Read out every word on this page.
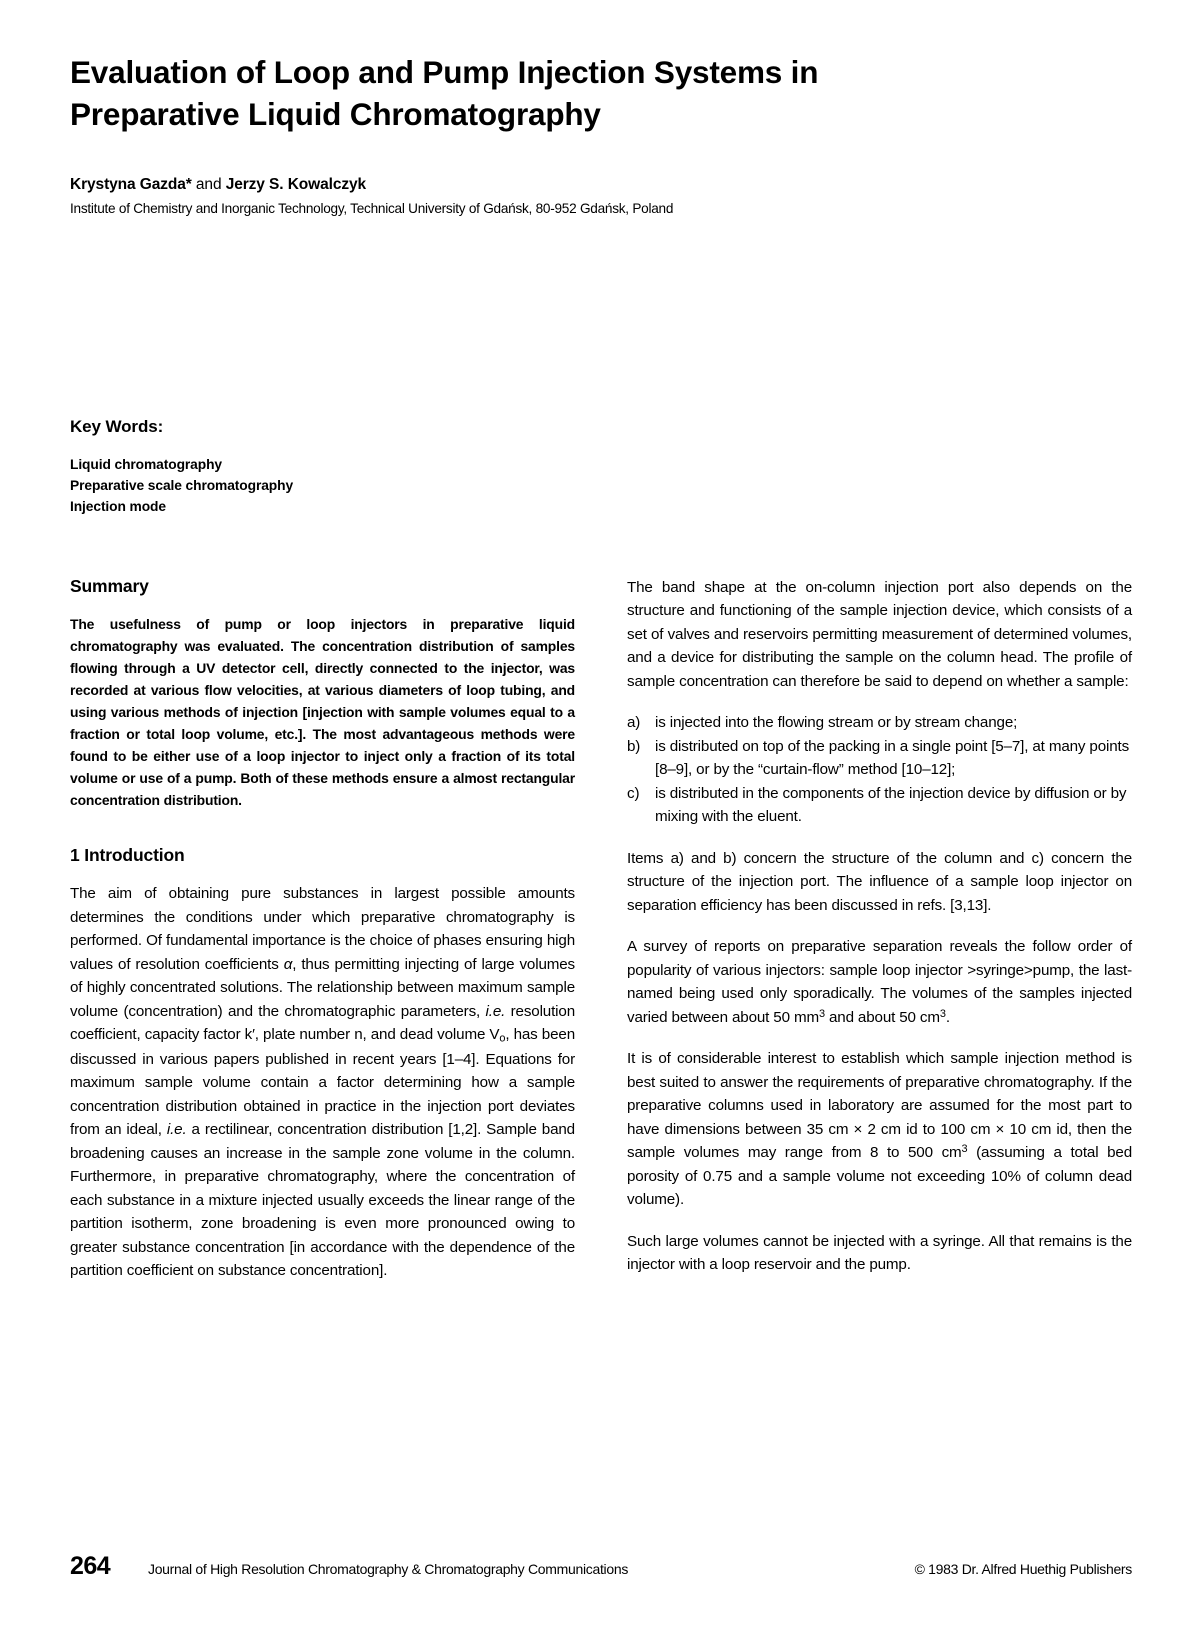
Evaluation of Loop and Pump Injection Systems in
Preparative Liquid Chromatography
Krystyna Gazda* and Jerzy S. Kowalczyk
Institute of Chemistry and Inorganic Technology, Technical University of Gdańsk, 80-952 Gdańsk, Poland
Key Words:
Liquid chromatography
Preparative scale chromatography
Injection mode
Summary

The usefulness of pump or loop injectors in preparative liquid chromatography was evaluated. The concentration distribution of samples flowing through a UV detector cell, directly connected to the injector, was recorded at various flow velocities, at various diameters of loop tubing, and using various methods of injection [injection with sample volumes equal to a fraction or total loop volume, etc.]. The most advantageous methods were found to be either use of a loop injector to inject only a fraction of its total volume or use of a pump. Both of these methods ensure a almost rectangular concentration distribution.

1 Introduction

The aim of obtaining pure substances in largest possible amounts determines the conditions under which preparative chromatography is performed. Of fundamental importance is the choice of phases ensuring high values of resolution coefficients α, thus permitting injecting of large volumes of highly concentrated solutions. The relationship between maximum sample volume (concentration) and the chromatographic parameters, i.e. resolution coefficient, capacity factor k′, plate number n, and dead volume $V_o$, has been discussed in various papers published in recent years [1–4]. Equations for maximum sample volume contain a factor determining how a sample concentration distribution obtained in practice in the injection port deviates from an ideal, i.e. a rectilinear, concentration distribution [1,2]. Sample band broadening causes an increase in the sample zone volume in the column. Furthermore, in preparative chromatography, where the concentration of each substance in a mixture injected usually exceeds the linear range of the partition isotherm, zone broadening is even more pronounced owing to greater substance concentration [in accordance with the dependence of the partition coefficient on substance concentration].

The band shape at the on-column injection port also depends on the structure and functioning of the sample injection device, which consists of a set of valves and reservoirs permitting measurement of determined volumes, and a device for distributing the sample on the column head. The profile of sample concentration can therefore be said to depend on whether a sample:

a) is injected into the flowing stream or by stream change;
b) is distributed on top of the packing in a single point [5–7], at many points [8–9], or by the “curtain-flow” method [10–12];
c) is distributed in the components of the injection device by diffusion or by mixing with the eluent.

Items a) and b) concern the structure of the column and c) concern the structure of the injection port. The influence of a sample loop injector on separation efficiency has been discussed in refs. [3,13].

A survey of reports on preparative separation reveals the follow order of popularity of various injectors: sample loop injector >syringe>pump, the last-named being used only sporadically. The volumes of the samples injected varied between about 50 $mm^3$ and about 50 $cm^3$.

It is of considerable interest to establish which sample injection method is best suited to answer the requirements of preparative chromatography. If the preparative columns used in laboratory are assumed for the most part to have dimensions between 35 cm × 2 cm id to 100 cm × 10 cm id, then the sample volumes may range from 8 to 500 $cm^3$ (assuming a total bed porosity of 0.75 and a sample volume not exceeding 10% of column dead volume).

Such large volumes cannot be injected with a syringe. All that remains is the injector with a loop reservoir and the pump.

264	Journal of High Resolution Chromatography & Chromatography Communications	© 1983 Dr. Alfred Huethig Publishers
